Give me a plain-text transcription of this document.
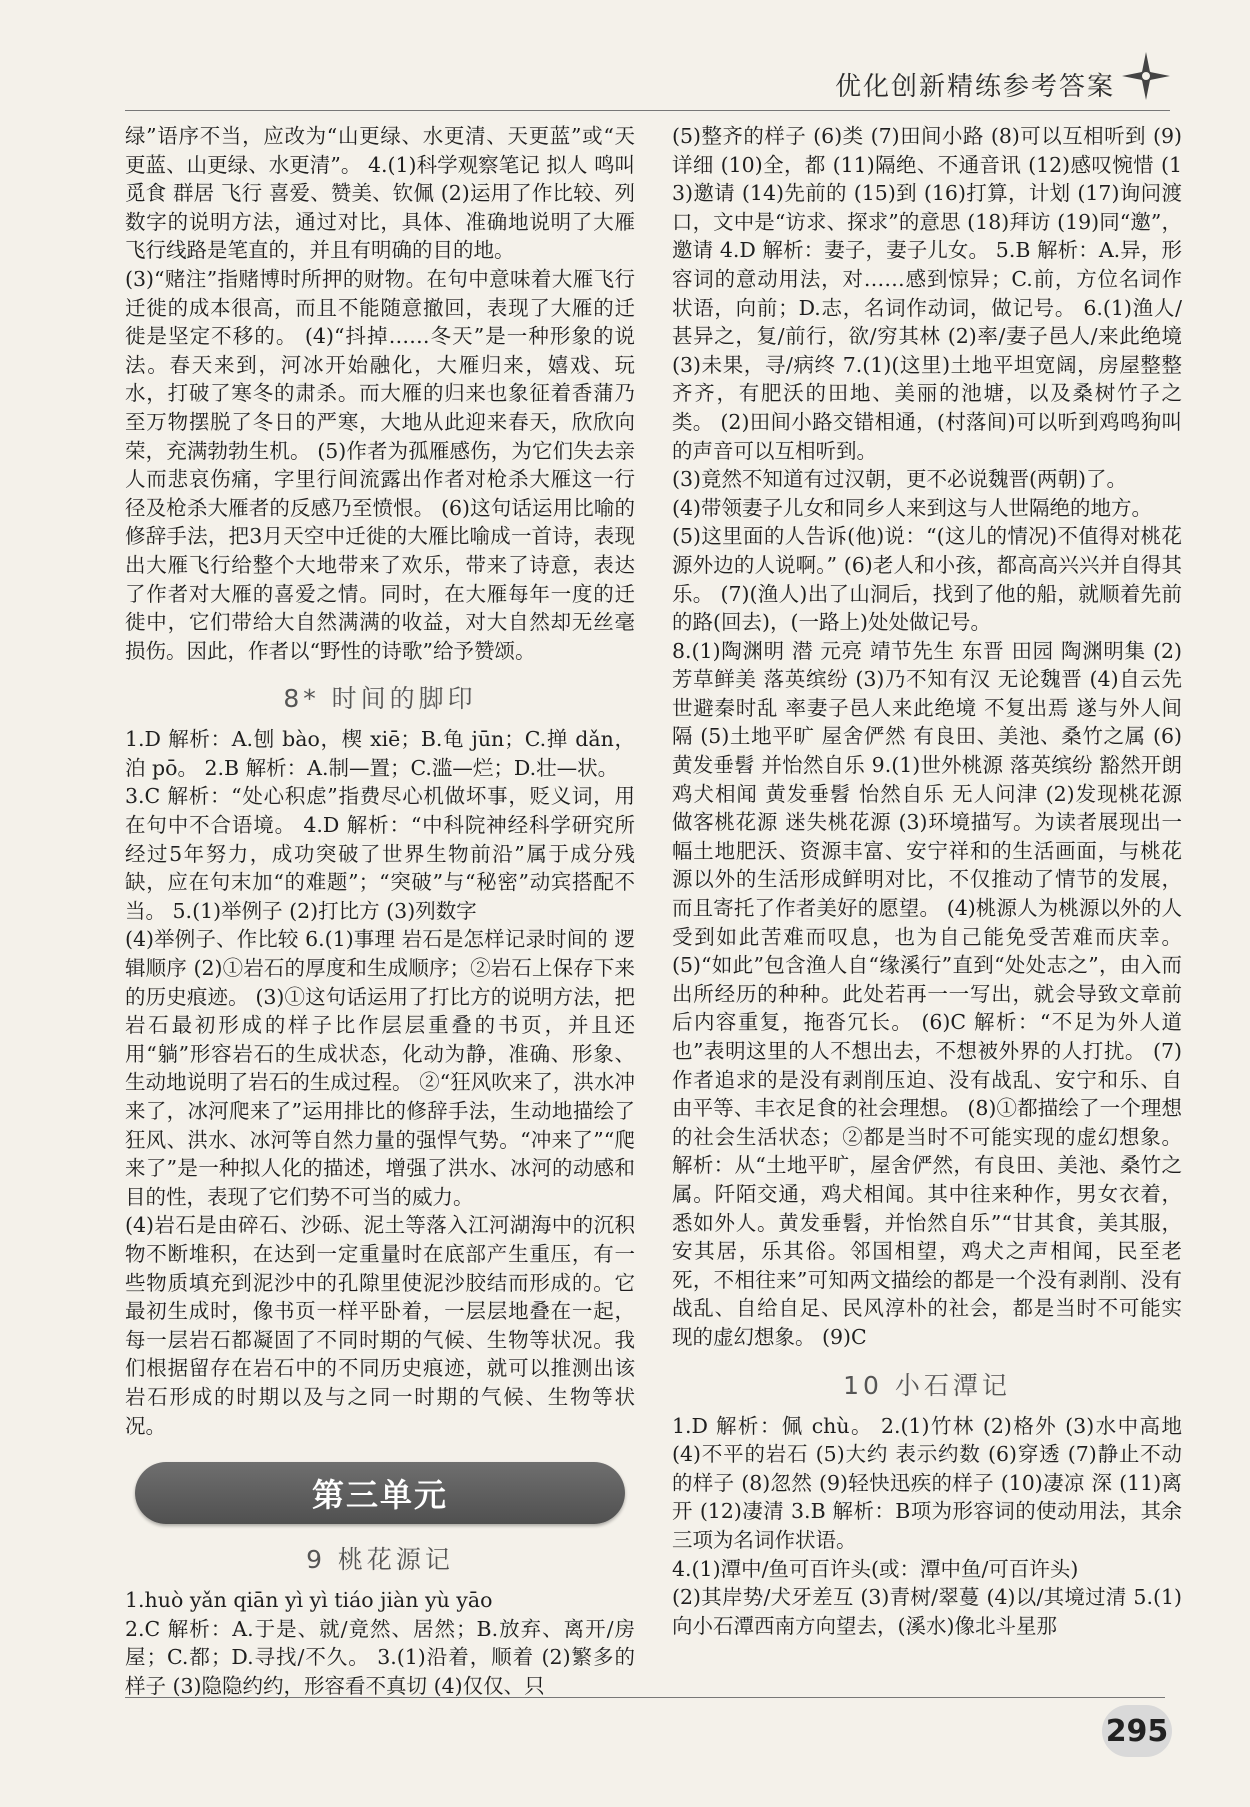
优化创新精练参考答案

绿”语序不当，应改为“山更绿、水更清、天更蓝”或“天更蓝、山更绿、水更清”。 4.(1)科学观察笔记 拟人 鸣叫 觅食 群居 飞行 喜爱、赞美、钦佩 (2)运用了作比较、列数字的说明方法，通过对比，具体、准确地说明了大雁飞行线路是笔直的，并且有明确的目的地。

(3)“赌注”指赌博时所押的财物。在句中意味着大雁飞行迁徙的成本很高，而且不能随意撤回，表现了大雁的迁徙是坚定不移的。 (4)“抖掉……冬天”是一种形象的说法。春天来到，河冰开始融化，大雁归来，嬉戏、玩水，打破了寒冬的肃杀。而大雁的归来也象征着香蒲乃至万物摆脱了冬日的严寒，大地从此迎来春天，欣欣向荣，充满勃勃生机。 (5)作者为孤雁感伤，为它们失去亲人而悲哀伤痛，字里行间流露出作者对枪杀大雁这一行径及枪杀大雁者的反感乃至愤恨。 (6)这句话运用比喻的修辞手法，把3月天空中迁徙的大雁比喻成一首诗，表现出大雁飞行给整个大地带来了欢乐，带来了诗意，表达了作者对大雁的喜爱之情。同时，在大雁每年一度的迁徙中，它们带给大自然满满的收益，对大自然却无丝毫损伤。因此，作者以“野性的诗歌”给予赞颂。

8* 时间的脚印

1.D 解析：A.刨 bào，楔 xiē；B.龟 jūn；C.掸 dǎn，泊 pō。 2.B 解析：A.制—置；C.滥—烂；D.壮—状。

3.C 解析：“处心积虑”指费尽心机做坏事，贬义词，用在句中不合语境。 4.D 解析：“中科院神经科学研究所经过5年努力，成功突破了世界生物前沿”属于成分残缺，应在句末加“的难题”；“突破”与“秘密”动宾搭配不当。 5.(1)举例子 (2)打比方 (3)列数字

(4)举例子、作比较 6.(1)事理 岩石是怎样记录时间的 逻辑顺序 (2)①岩石的厚度和生成顺序；②岩石上保存下来的历史痕迹。 (3)①这句话运用了打比方的说明方法，把岩石最初形成的样子比作层层重叠的书页，并且还用“躺”形容岩石的生成状态，化动为静，准确、形象、生动地说明了岩石的生成过程。 ②“狂风吹来了，洪水冲来了，冰河爬来了”运用排比的修辞手法，生动地描绘了狂风、洪水、冰河等自然力量的强悍气势。“冲来了”“爬来了”是一种拟人化的描述，增强了洪水、冰河的动感和目的性，表现了它们势不可当的威力。

(4)岩石是由碎石、沙砾、泥土等落入江河湖海中的沉积物不断堆积，在达到一定重量时在底部产生重压，有一些物质填充到泥沙中的孔隙里使泥沙胶结而形成的。它最初生成时，像书页一样平卧着，一层层地叠在一起，每一层岩石都凝固了不同时期的气候、生物等状况。我们根据留存在岩石中的不同历史痕迹，就可以推测出该岩石形成的时期以及与之同一时期的气候、生物等状况。

第三单元
9 桃花源记

1.huò yǎn qiān yì yì tiáo jiàn yù yāo

2.C 解析：A.于是、就/竟然、居然；B.放弃、离开/房屋；C.都；D.寻找/不久。 3.(1)沿着，顺着 (2)繁多的样子 (3)隐隐约约，形容看不真切 (4)仅仅、只

(5)整齐的样子 (6)类 (7)田间小路 (8)可以互相听到 (9)详细 (10)全，都 (11)隔绝、不通音讯 (12)感叹惋惜 (13)邀请 (14)先前的 (15)到 (16)打算，计划 (17)询问渡口，文中是“访求、探求”的意思 (18)拜访 (19)同“邀”，邀请 4.D 解析：妻子，妻子儿女。 5.B 解析：A.异，形容词的意动用法，对……感到惊异；C.前，方位名词作状语，向前；D.志，名词作动词，做记号。 6.(1)渔人/甚异之，复/前行，欲/穷其林 (2)率/妻子邑人/来此绝境 (3)未果，寻/病终 7.(1)(这里)土地平坦宽阔，房屋整整齐齐，有肥沃的田地、美丽的池塘，以及桑树竹子之类。 (2)田间小路交错相通，(村落间)可以听到鸡鸣狗叫的声音可以互相听到。

(3)竟然不知道有过汉朝，更不必说魏晋(两朝)了。

(4)带领妻子儿女和同乡人来到这与人世隔绝的地方。

(5)这里面的人告诉(他)说：“(这儿的情况)不值得对桃花源外边的人说啊。” (6)老人和小孩，都高高兴兴并自得其乐。 (7)(渔人)出了山洞后，找到了他的船，就顺着先前的路(回去)，(一路上)处处做记号。

8.(1)陶渊明 潜 元亮 靖节先生 东晋 田园 陶渊明集 (2)芳草鲜美 落英缤纷 (3)乃不知有汉 无论魏晋 (4)自云先世避秦时乱 率妻子邑人来此绝境 不复出焉 遂与外人间隔 (5)土地平旷 屋舍俨然 有良田、美池、桑竹之属 (6)黄发垂髫 并怡然自乐 9.(1)世外桃源 落英缤纷 豁然开朗 鸡犬相闻 黄发垂髫 怡然自乐 无人问津 (2)发现桃花源 做客桃花源 迷失桃花源 (3)环境描写。为读者展现出一幅土地肥沃、资源丰富、安宁祥和的生活画面，与桃花源以外的生活形成鲜明对比，不仅推动了情节的发展，而且寄托了作者美好的愿望。 (4)桃源人为桃源以外的人受到如此苦难而叹息，也为自己能免受苦难而庆幸。 (5)“如此”包含渔人自“缘溪行”直到“处处志之”，由入而出所经历的种种。此处若再一一写出，就会导致文章前后内容重复，拖沓冗长。 (6)C 解析：“不足为外人道也”表明这里的人不想出去，不想被外界的人打扰。 (7)作者追求的是没有剥削压迫、没有战乱、安宁和乐、自由平等、丰衣足食的社会理想。 (8)①都描绘了一个理想的社会生活状态；②都是当时不可能实现的虚幻想象。 解析：从“土地平旷，屋舍俨然，有良田、美池、桑竹之属。阡陌交通，鸡犬相闻。其中往来种作，男女衣着，悉如外人。黄发垂髫，并怡然自乐”“甘其食，美其服，安其居，乐其俗。邻国相望，鸡犬之声相闻，民至老死，不相往来”可知两文描绘的都是一个没有剥削、没有战乱、自给自足、民风淳朴的社会，都是当时不可能实现的虚幻想象。 (9)C

10 小石潭记

1.D 解析：佩 chù。 2.(1)竹林 (2)格外 (3)水中高地 (4)不平的岩石 (5)大约 表示约数 (6)穿透 (7)静止不动的样子 (8)忽然 (9)轻快迅疾的样子 (10)凄凉 深 (11)离开 (12)凄清 3.B 解析：B项为形容词的使动用法，其余三项为名词作状语。

4.(1)潭中/鱼可百许头(或：潭中鱼/可百许头)

(2)其岸势/犬牙差互 (3)青树/翠蔓 (4)以/其境过清 5.(1)向小石潭西南方向望去，(溪水)像北斗星那

295
